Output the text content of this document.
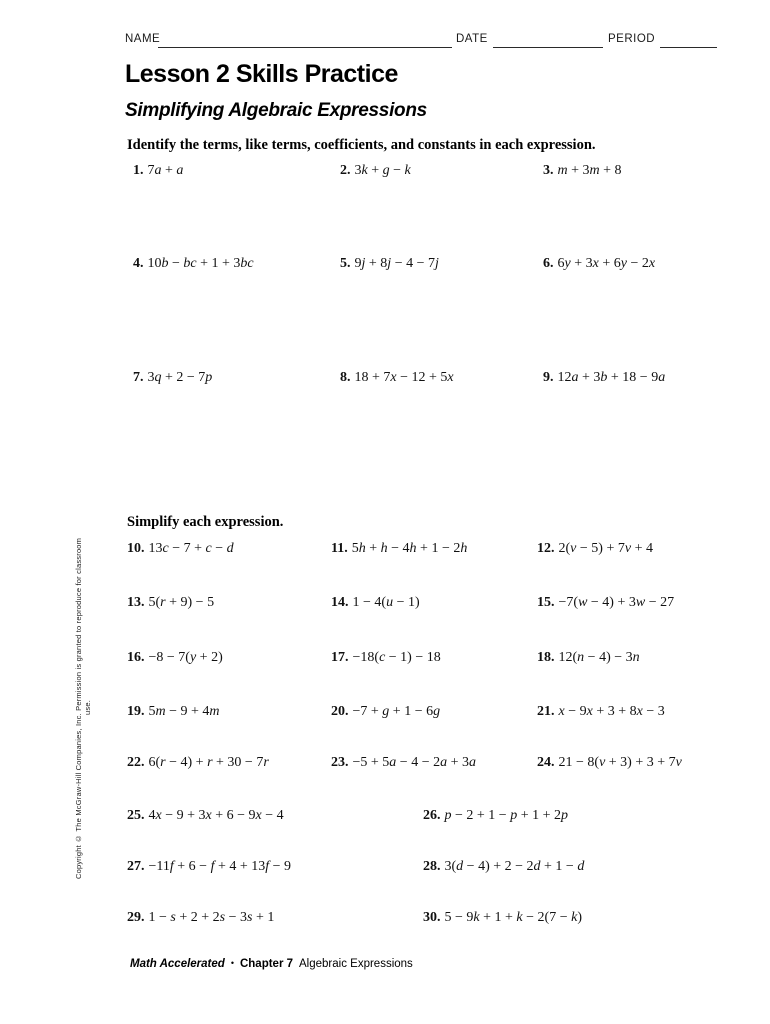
NAME	DATE	PERIOD
Lesson 2 Skills Practice
Simplifying Algebraic Expressions
Identify the terms, like terms, coefficients, and constants in each expression.
1. 7a + a	2. 3k + g − k	3. m + 3m + 8
4. 10b − bc + 1 + 3bc	5. 9j + 8j − 4 − 7j	6. 6y + 3x + 6y − 2x
7. 3q + 2 − 7p	8. 18 + 7x − 12 + 5x	9. 12a + 3b + 18 − 9a
Simplify each expression.
10. 13c − 7 + c − d	11. 5h + h − 4h + 1 − 2h	12. 2(v − 5) + 7v + 4
13. 5(r + 9) − 5	14. 1 − 4(u − 1)	15. −7(w − 4) + 3w − 27
16. −8 − 7(y + 2)	17. −18(c − 1) − 18	18. 12(n − 4) − 3n
19. 5m − 9 + 4m	20. −7 + g + 1 − 6g	21. x − 9x + 3 + 8x − 3
22. 6(r − 4) + r + 30 − 7r	23. −5 + 5a − 4 − 2a + 3a	24. 21 − 8(v + 3) + 3 + 7v
25. 4x − 9 + 3x + 6 − 9x − 4	26. p − 2 + 1 − p + 1 + 2p
27. −11f + 6 − f + 4 + 13f − 9	28. 3(d − 4) + 2 − 2d + 1 − d
29. 1 − s + 2 + 2s − 3s + 1	30. 5 − 9k + 1 + k − 2(7 − k)
Copyright © The McGraw-Hill Companies, Inc. Permission is granted to reproduce for classroom use.
Math Accelerated • Chapter 7 Algebraic Expressions
